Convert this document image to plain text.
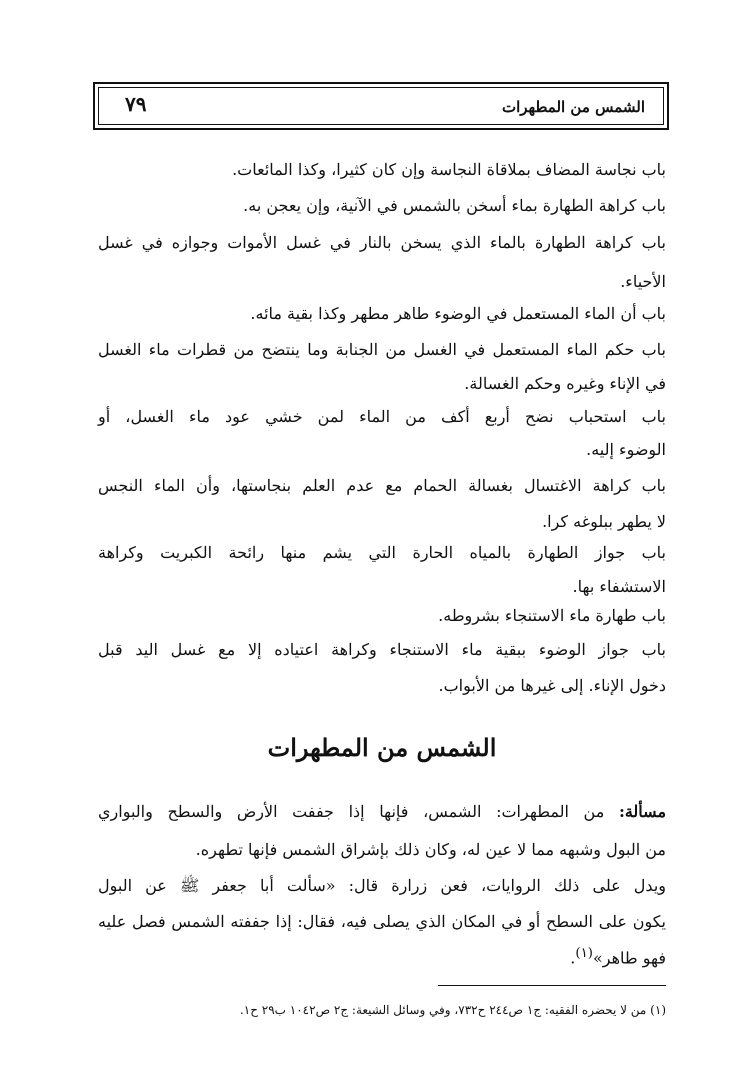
الشمس من المطهرات
٧٩
باب نجاسة المضاف بملاقاة النجاسة وإن كان كثيرا، وكذا المائعات.
باب كراهة الطهارة بماء أسخن بالشمس في الآنية، وإن يعجن به.
باب كراهة الطهارة بالماء الذي يسخن بالنار في غسل الأموات وجوازه في غسل
الأحياء.
باب أن الماء المستعمل في الوضوء طاهر مطهر وكذا بقية مائه.
باب حكم الماء المستعمل في الغسل من الجنابة وما ينتضح من قطرات ماء الغسل
في الإناء وغيره وحكم الغسالة.
باب استحباب نضح أربع أكف من الماء لمن خشي عود ماء الغسل، أو
الوضوء إليه.
باب كراهة الاغتسال بغسالة الحمام مع عدم العلم بنجاستها، وأن الماء النجس
لا يطهر ببلوغه كرا.
باب جواز الطهارة بالمياه الحارة التي يشم منها رائحة الكبريت وكراهة
الاستشفاء بها.
باب طهارة ماء الاستنجاء بشروطه.
باب جواز الوضوء ببقية ماء الاستنجاء وكراهة اعتياده إلا مع غسل اليد قبل
دخول الإناء. إلى غيرها من الأبواب.
الشمس من المطهرات
مسألة: من المطهرات: الشمس، فإنها إذا جففت الأرض والسطح والبواري
من البول وشبهه مما لا عين له، وكان ذلك بإشراق الشمس فإنها تطهره.
ويدل على ذلك الروايات، فعن زرارة قال: «سألت أبا جعفر ﷺ عن البول
يكون على السطح أو في المكان الذي يصلى فيه، فقال: إذا جففته الشمس فصل عليه
فهو طاهر»$^{(١)}$.
(١) من لا يحضره الفقيه: ج١ ص٢٤٤ ح٧٣٢، وفي وسائل الشيعة: ج٢ ص١٠٤٢ ب٢٩ ح١.
